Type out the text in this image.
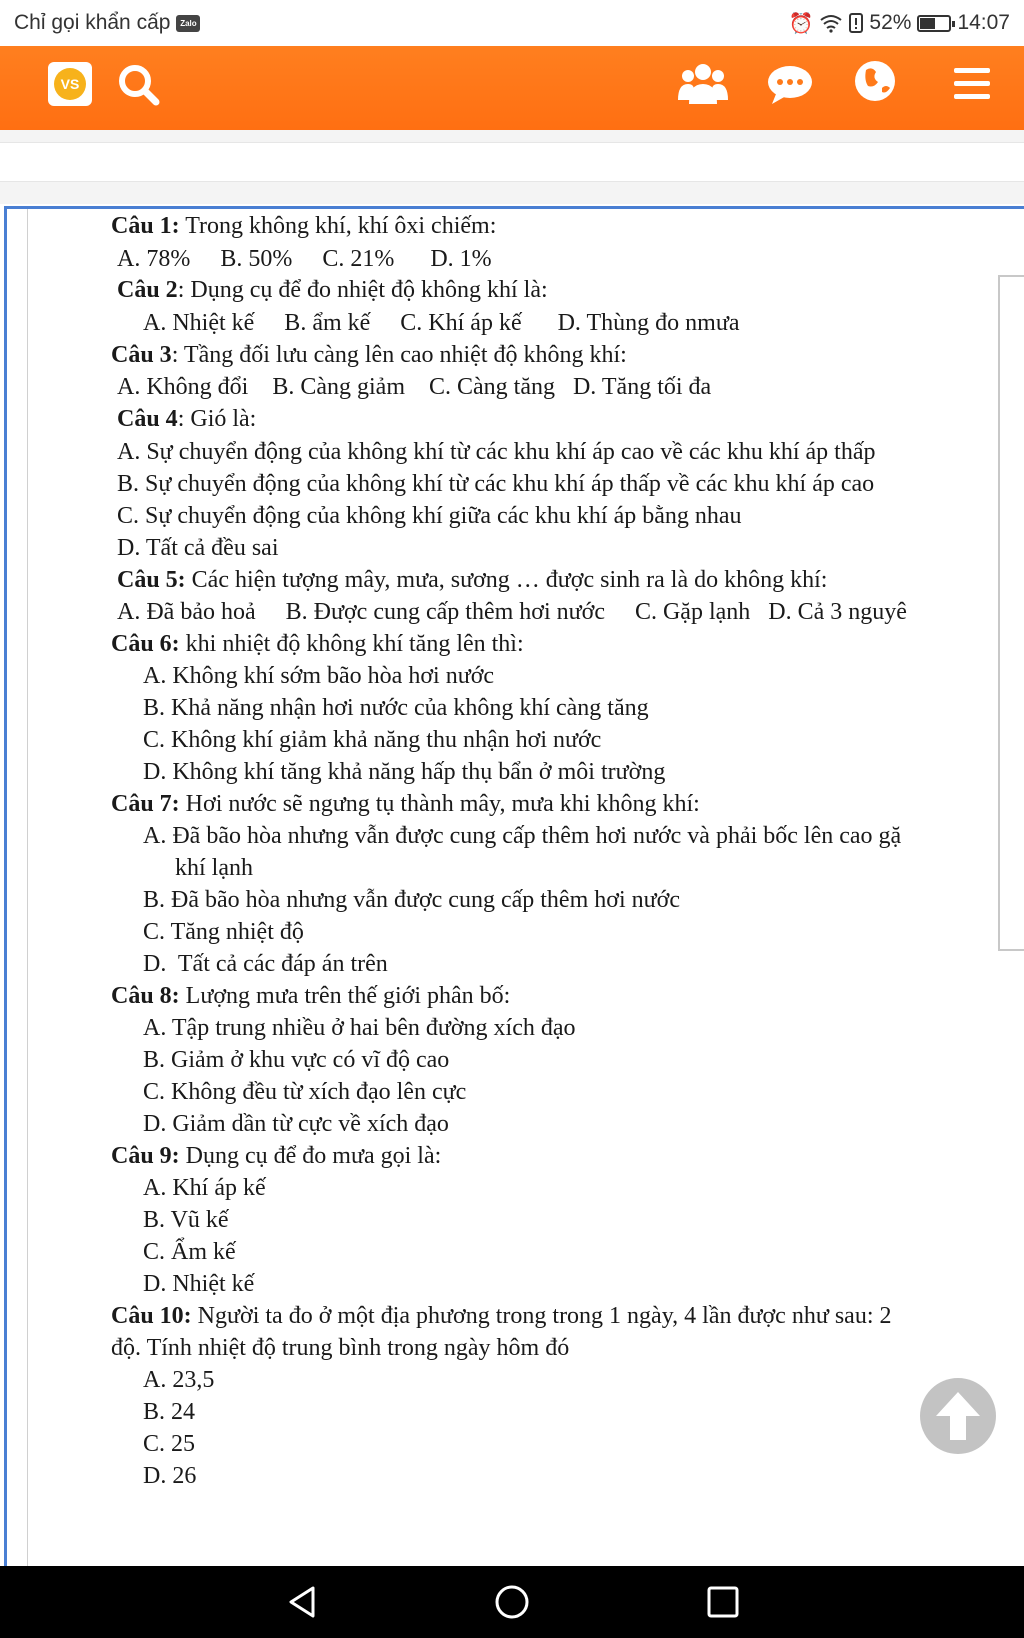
Chỉ gọi khẩn cấp	Zalo	⏰	52% 14:07
VS
Câu 1: Trong không khí, khí ôxi chiếm:
A. 78%     B. 50%     C. 21%      D. 1%
Câu 2: Dụng cụ để đo nhiệt độ không khí là:
A. Nhiệt kế     B. ẩm kế     C. Khí áp kế      D. Thùng đo nmưa
Câu 3: Tầng đối lưu càng lên cao nhiệt độ không khí:
A. Không đổi    B. Càng giảm    C. Càng tăng   D. Tăng tối đa
Câu 4: Gió là:
A. Sự chuyển động của không khí từ các khu khí áp cao về các khu khí áp thấp
B. Sự chuyển động của không khí từ các khu khí áp thấp về các khu khí áp cao
C. Sự chuyển động của không khí giữa các khu khí áp bằng nhau
D. Tất cả đều sai
Câu 5: Các hiện tượng mây, mưa, sương … được sinh ra là do không khí:
A. Đã bảo hoả     B. Được cung cấp thêm hơi nước     C. Gặp lạnh   D. Cả 3 nguyê
Câu 6: khi nhiệt độ không khí tăng lên thì:
A. Không khí sớm bão hòa hơi nước
B. Khả năng nhận hơi nước của không khí càng tăng
C. Không khí giảm khả năng thu nhận hơi nước
D. Không khí tăng khả năng hấp thụ bẩn ở môi trường
Câu 7: Hơi nước sẽ ngưng tụ thành mây, mưa khi không khí:
A. Đã bão hòa nhưng vẫn được cung cấp thêm hơi nước và phải bốc lên cao gặ
khí lạnh
B. Đã bão hòa nhưng vẫn được cung cấp thêm hơi nước
C. Tăng nhiệt độ
D.  Tất cả các đáp án trên
Câu 8: Lượng mưa trên thế giới phân bố:
A. Tập trung nhiều ở hai bên đường xích đạo
B. Giảm ở khu vực có vĩ độ cao
C. Không đều từ xích đạo lên cực
D. Giảm dần từ cực về xích đạo
Câu 9: Dụng cụ để đo mưa gọi là:
A. Khí áp kế
B. Vũ kế
C. Ẩm kế
D. Nhiệt kế
Câu 10: Người ta đo ở một địa phương trong trong 1 ngày, 4 lần được như sau: 2
độ. Tính nhiệt độ trung bình trong ngày hôm đó
A. 23,5
B. 24
C. 25
D. 26
